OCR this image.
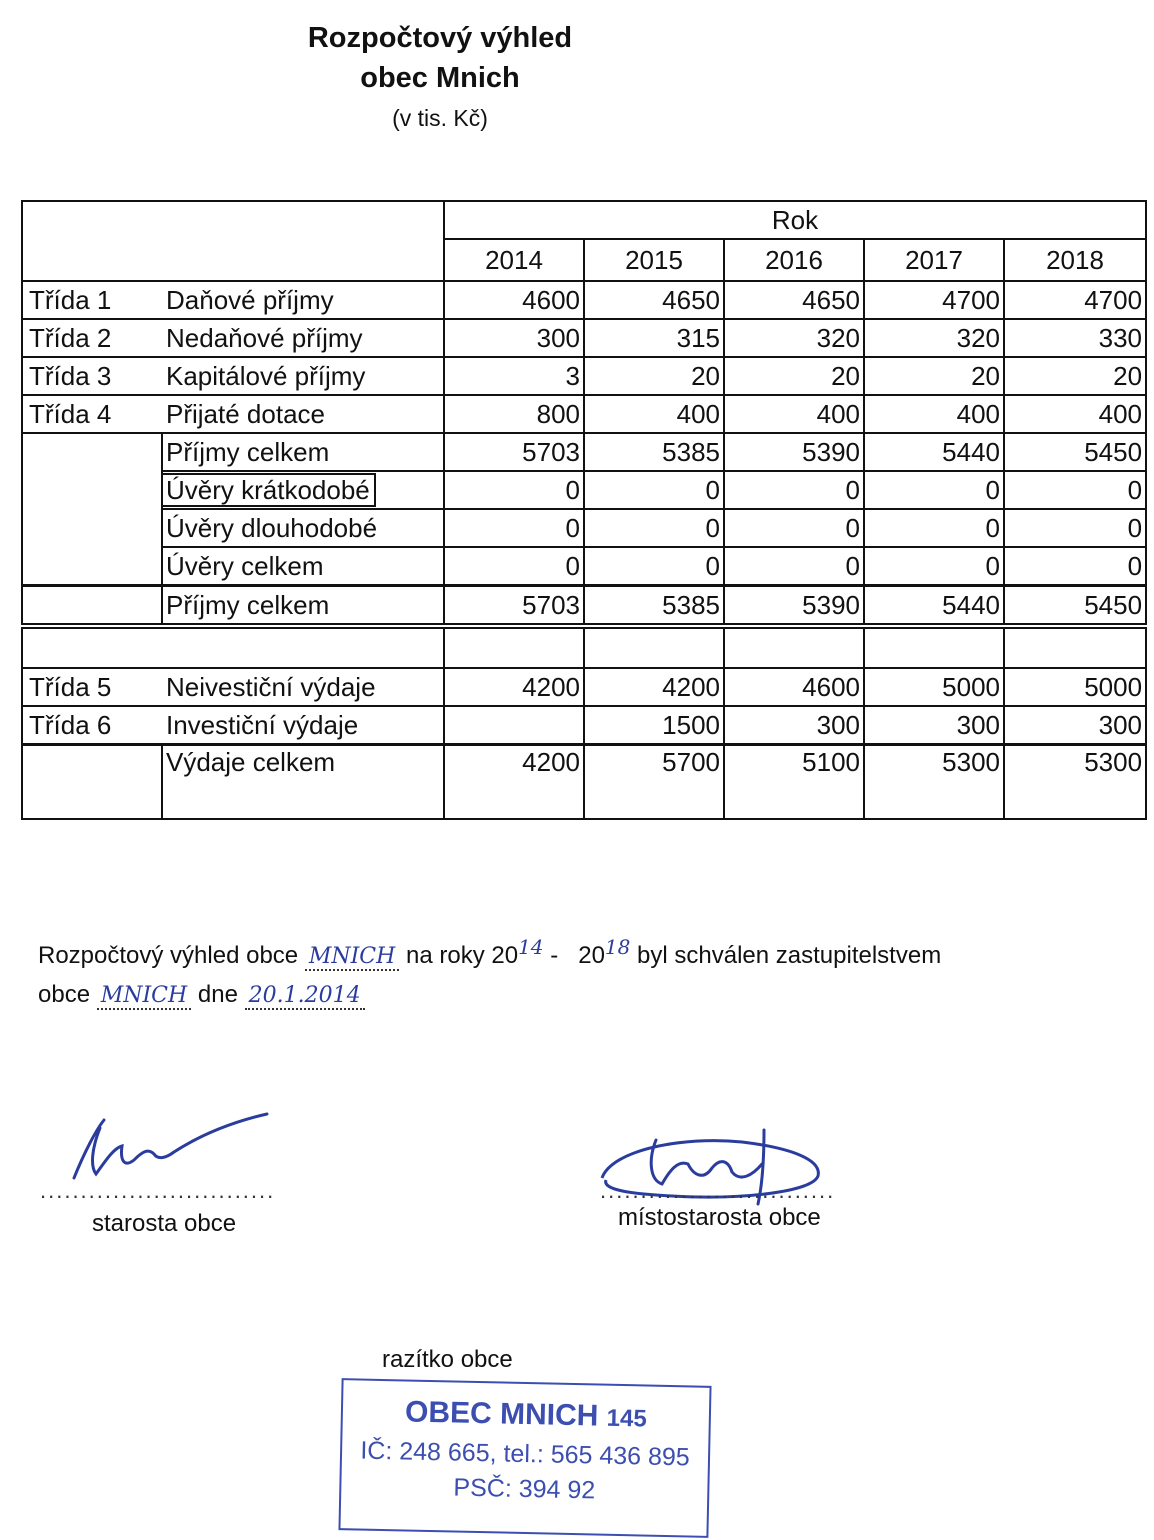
Rozpočtový výhled
obec Mnich
(v tis. Kč)
		Rok				
		2014	2015	2016	2017	2018
Třída 1	Daňové příjmy	4600	4650	4650	4700	4700
Třída 2	Nedaňové příjmy	300	315	320	320	330
Třída 3	Kapitálové příjmy	3	20	20	20	20
Třída 4	Přijaté dotace	800	400	400	400	400
	Příjmy celkem	5703	5385	5390	5440	5450
	Úvěry krátkodobé	0	0	0	0	0
	Úvěry dlouhodobé	0	0	0	0	0
	Úvěry celkem	0	0	0	0	0
	Příjmy celkem	5703	5385	5390	5440	5450

Třída 5	Neivestiční výdaje	4200	4200	4600	5000	5000
Třída 6	Investiční výdaje		1500	300	300	300
	Výdaje celkem	4200	5700	5100	5300	5300
Rozpočtový výhled obce MNICH na roky $20^{14} - 20^{18}$ byl schválen zastupitelstvem
obce MNICH dne 20.1.2014
.............................
starosta obce
.............................
místostarosta obce
razítko obce
OBEC MNICH 145
IČ: 248 665, tel.: 565 436 895
PSČ: 394 92
